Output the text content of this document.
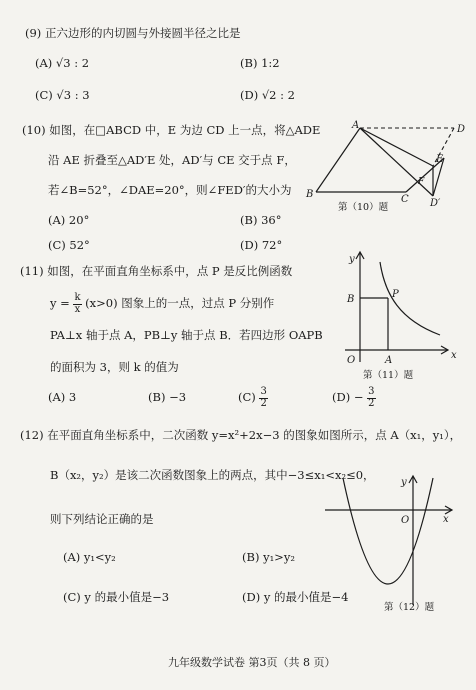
(9) 正六边形的内切圆与外接圆半径之比是
(A) √3 : 2	(B) 1:2
(C) √3 : 3	(D) √2 : 2
(10) 如图，在□ABCD 中，E 为边 CD 上一点，将△ADE
沿 AE 折叠至△AD′E 处，AD′与 CE 交于点 F，
若∠B=52°，∠DAE=20°，则∠FED′的大小为
(A) 20°	(B) 36°
(C) 52°	(D) 72°
A	D
E
F
B	C D′
第（10）题
(11) 如图，在平面直角坐标系中，点 P 是反比例函数
$y = \frac{k}{x} (x>0)$ 图象上的一点，过点 P 分别作
PA⊥x 轴于点 A，PB⊥y 轴于点 B．若四边形 OAPB
的面积为 3，则 k 的值为
(A) 3	(B) −3	$(C) \frac{3}{2}$	$(D) - \frac{3}{2}$
y
x
O	A
B	P
第（11）题
(12) 在平面直角坐标系中，二次函数 y=x²+2x−3 的图象如图所示，点 A（x₁，y₁），
B（x₂，y₂）是该二次函数图象上的两点，其中−3≤x₁<x₂≤0，
则下列结论正确的是
(A) y₁<y₂	(B) y₁>y₂
(C) y 的最小值是−3	(D) y 的最小值是−4
y
x
O
第（12）题
九年级数学试卷 第3页（共 8 页）
